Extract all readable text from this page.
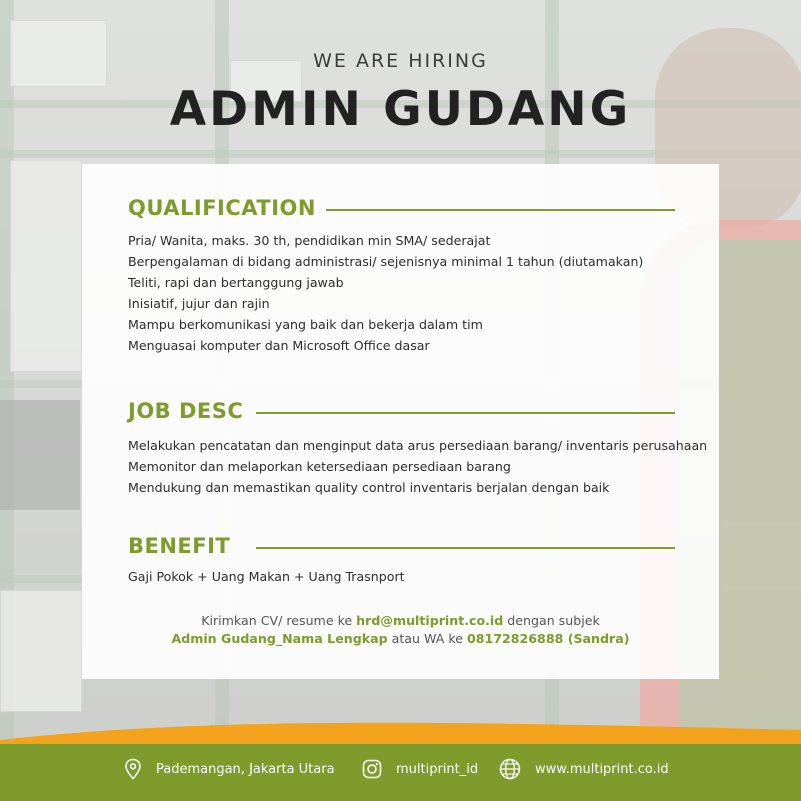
WE ARE HIRING
ADMIN GUDANG
QUALIFICATION
Pria/ Wanita, maks. 30 th, pendidikan min SMA/ sederajat
Berpengalaman di bidang administrasi/ sejenisnya minimal 1 tahun (diutamakan)
Teliti, rapi dan bertanggung jawab
Inisiatif, jujur dan rajin
Mampu berkomunikasi yang baik dan bekerja dalam tim
Menguasai komputer dan Microsoft Office dasar
JOB DESC
Melakukan pencatatan dan menginput data arus persediaan barang/ inventaris perusahaan
Memonitor dan melaporkan ketersediaan persediaan barang
Mendukung dan memastikan quality control inventaris berjalan dengan baik
BENEFIT
Gaji Pokok + Uang Makan + Uang Trasnport
Kirimkan CV/ resume ke hrd@multiprint.co.id dengan subjek
Admin Gudang_Nama Lengkap atau WA ke 08172826888 (Sandra)
Pademangan, Jakarta Utara	multiprint_id	www.multiprint.co.id
